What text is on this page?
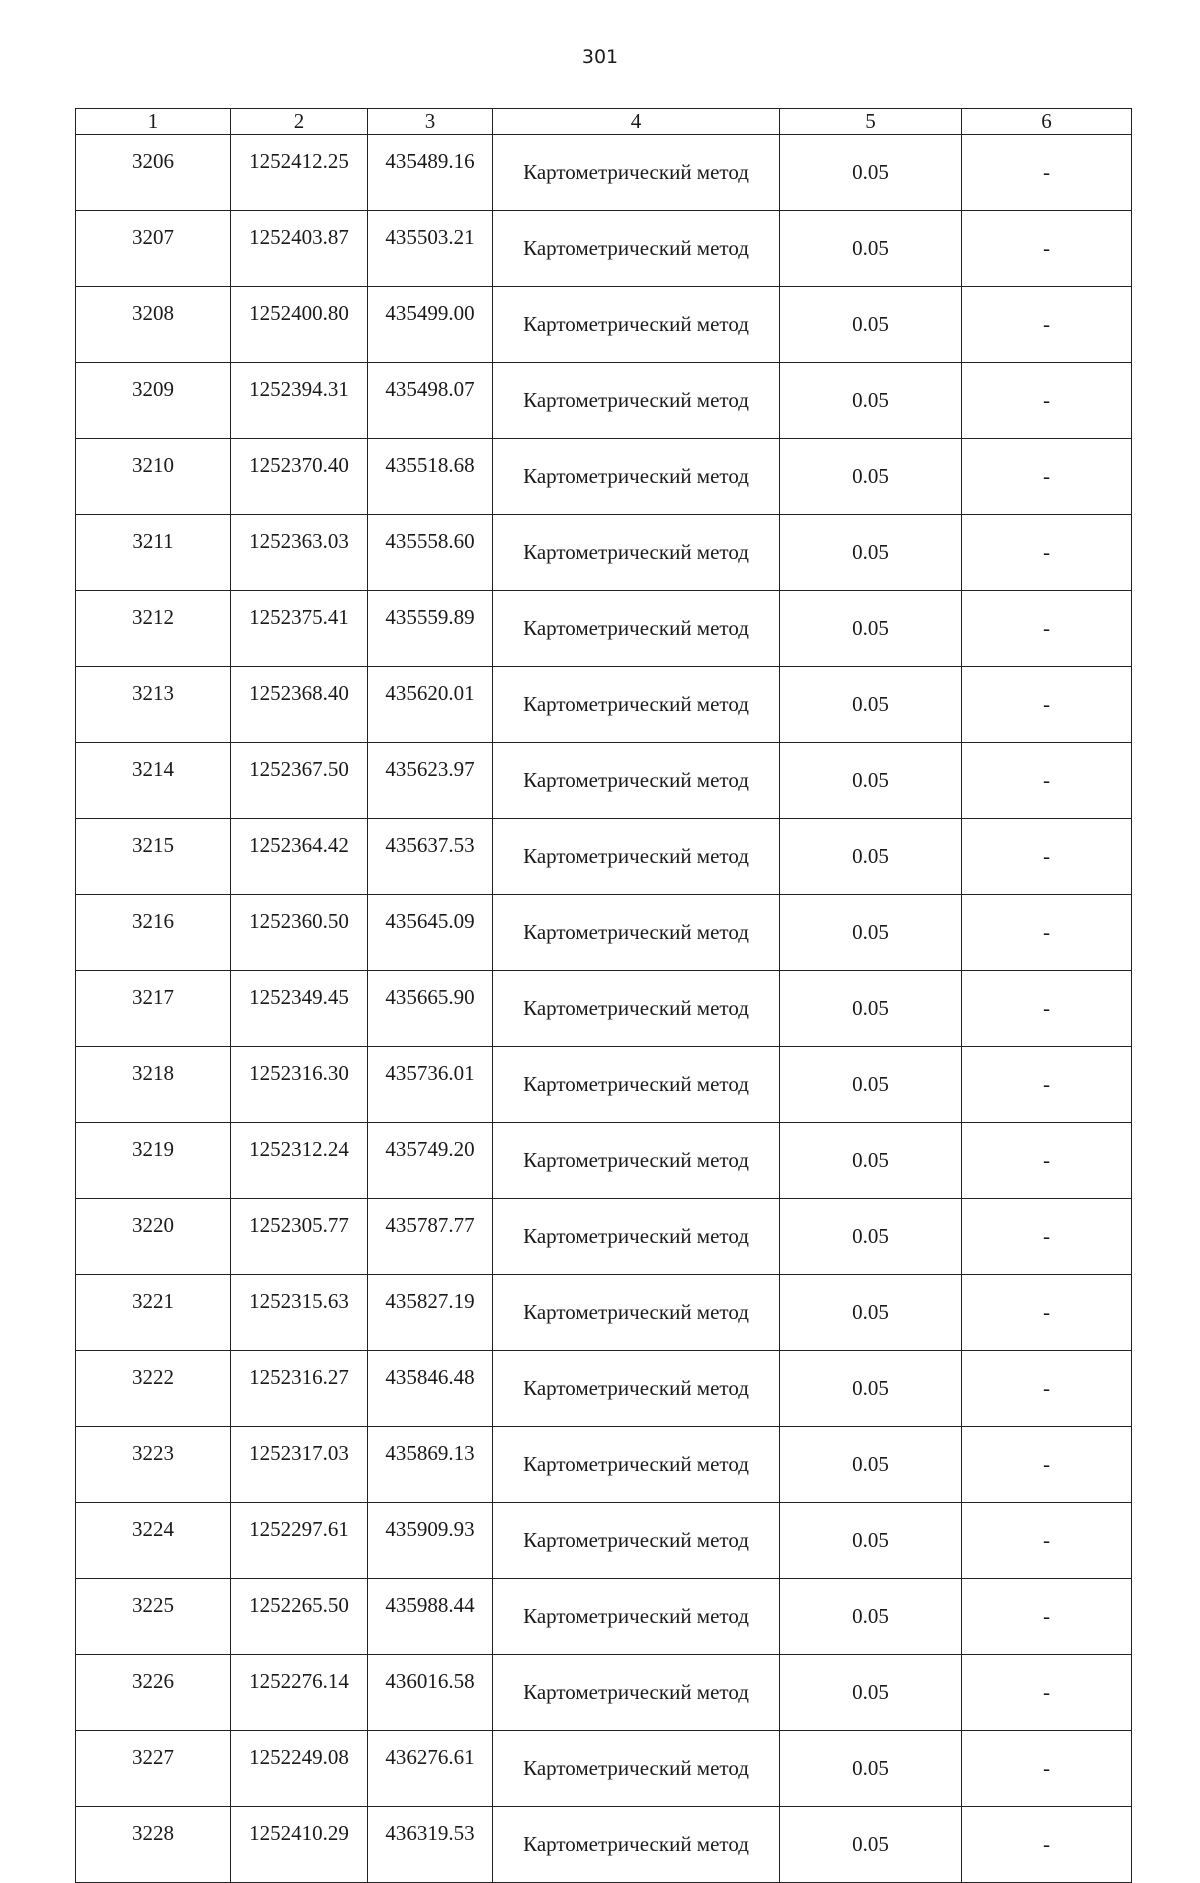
301
1	2	3	4	5	6
3206	1252412.25	435489.16	Картометрический метод	0.05	-
3207	1252403.87	435503.21	Картометрический метод	0.05	-
3208	1252400.80	435499.00	Картометрический метод	0.05	-
3209	1252394.31	435498.07	Картометрический метод	0.05	-
3210	1252370.40	435518.68	Картометрический метод	0.05	-
3211	1252363.03	435558.60	Картометрический метод	0.05	-
3212	1252375.41	435559.89	Картометрический метод	0.05	-
3213	1252368.40	435620.01	Картометрический метод	0.05	-
3214	1252367.50	435623.97	Картометрический метод	0.05	-
3215	1252364.42	435637.53	Картометрический метод	0.05	-
3216	1252360.50	435645.09	Картометрический метод	0.05	-
3217	1252349.45	435665.90	Картометрический метод	0.05	-
3218	1252316.30	435736.01	Картометрический метод	0.05	-
3219	1252312.24	435749.20	Картометрический метод	0.05	-
3220	1252305.77	435787.77	Картометрический метод	0.05	-
3221	1252315.63	435827.19	Картометрический метод	0.05	-
3222	1252316.27	435846.48	Картометрический метод	0.05	-
3223	1252317.03	435869.13	Картометрический метод	0.05	-
3224	1252297.61	435909.93	Картометрический метод	0.05	-
3225	1252265.50	435988.44	Картометрический метод	0.05	-
3226	1252276.14	436016.58	Картометрический метод	0.05	-
3227	1252249.08	436276.61	Картометрический метод	0.05	-
3228	1252410.29	436319.53	Картометрический метод	0.05	-
